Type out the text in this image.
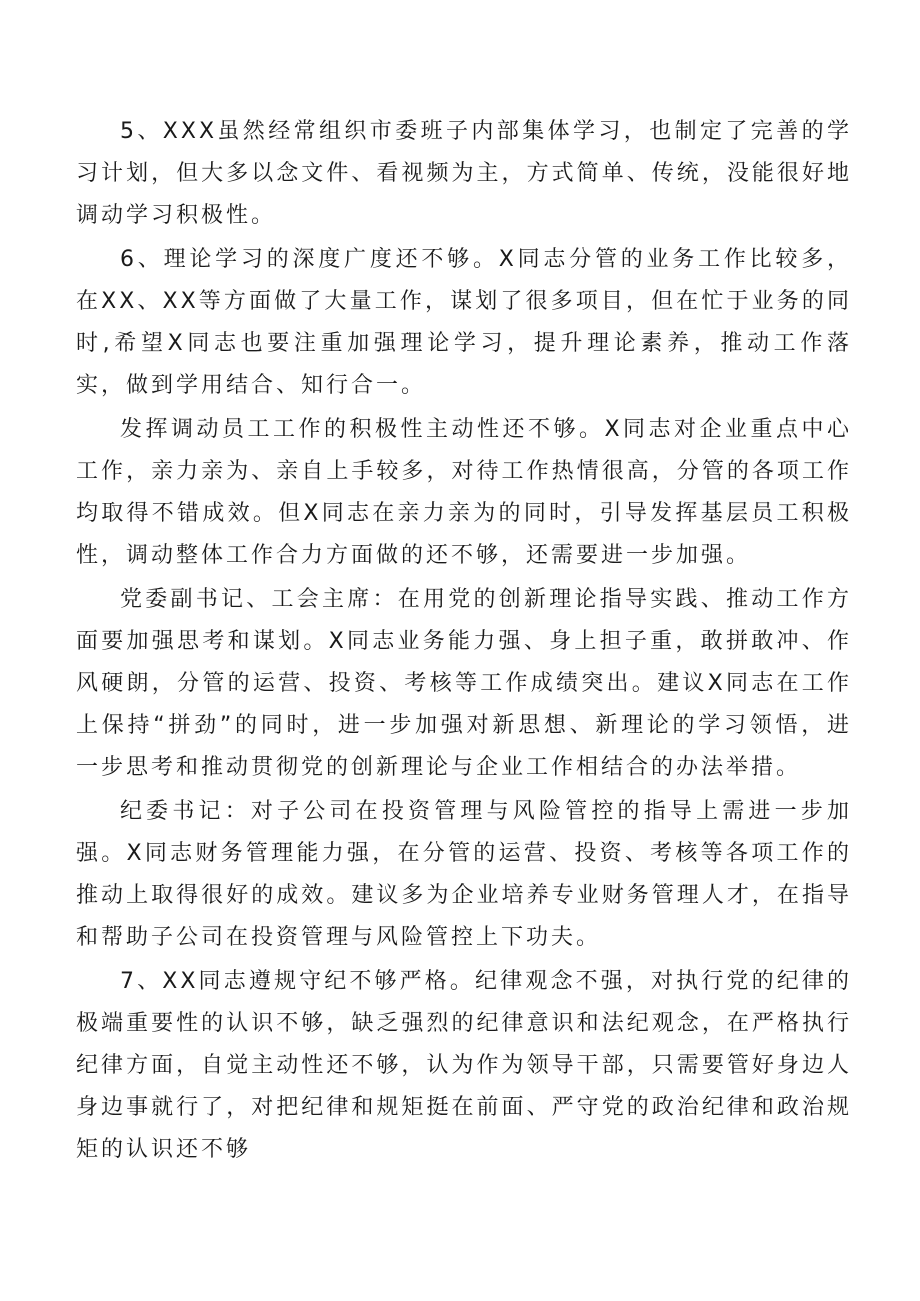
5、XXX虽然经常组织市委班子内部集体学习，也制定了完善的学习计划，但大多以念文件、看视频为主，方式简单、传统，没能很好地调动学习积极性。

6、理论学习的深度广度还不够。X同志分管的业务工作比较多，在XX、XX等方面做了大量工作，谋划了很多项目，但在忙于业务的同时,希望X同志也要注重加强理论学习，提升理论素养，推动工作落实，做到学用结合、知行合一。

发挥调动员工工作的积极性主动性还不够。X同志对企业重点中心工作，亲力亲为、亲自上手较多，对待工作热情很高，分管的各项工作均取得不错成效。但X同志在亲力亲为的同时，引导发挥基层员工积极性，调动整体工作合力方面做的还不够，还需要进一步加强。

党委副书记、工会主席：在用党的创新理论指导实践、推动工作方面要加强思考和谋划。X同志业务能力强、身上担子重，敢拼敢冲、作风硬朗，分管的运营、投资、考核等工作成绩突出。建议X同志在工作上保持“拼劲”的同时，进一步加强对新思想、新理论的学习领悟，进一步思考和推动贯彻党的创新理论与企业工作相结合的办法举措。

纪委书记：对子公司在投资管理与风险管控的指导上需进一步加强。X同志财务管理能力强，在分管的运营、投资、考核等各项工作的推动上取得很好的成效。建议多为企业培养专业财务管理人才，在指导和帮助子公司在投资管理与风险管控上下功夫。

7、XX同志遵规守纪不够严格。纪律观念不强，对执行党的纪律的极端重要性的认识不够，缺乏强烈的纪律意识和法纪观念，在严格执行纪律方面，自觉主动性还不够，认为作为领导干部，只需要管好身边人身边事就行了，对把纪律和规矩挺在前面、严守党的政治纪律和政治规矩的认识还不够
